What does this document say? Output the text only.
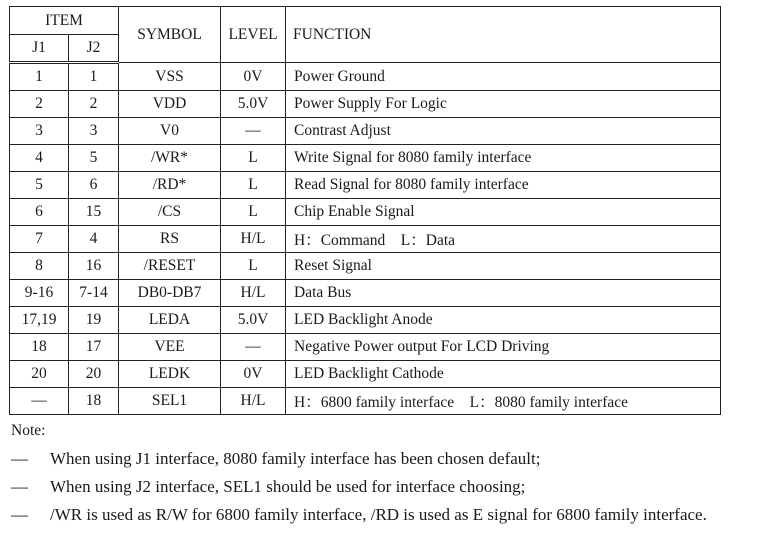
ITEM		SYMBOL	LEVEL	FUNCTION
J1	J2			
1	1	VSS	0V	Power Ground
2	2	VDD	5.0V	Power Supply For Logic
3	3	V0	—	Contrast Adjust
4	5	/WR*	L	Write Signal for 8080 family interface
5	6	/RD*	L	Read Signal for 8080 family interface
6	15	/CS	L	Chip Enable Signal
7	4	RS	H/L	H：Command    L：Data
8	16	/RESET	L	Reset Signal
9-16	7-14	DB0-DB7	H/L	Data Bus
17,19	19	LEDA	5.0V	LED Backlight Anode
18	17	VEE	—	Negative Power output For LCD Driving
20	20	LEDK	0V	LED Backlight Cathode
—	18	SEL1	H/L	H：6800 family interface    L：8080 family interface
Note:
—	When using J1 interface, 8080 family interface has been chosen default;
—	When using J2 interface, SEL1 should be used for interface choosing;
—	/WR is used as R/W for 6800 family interface, /RD is used as E signal for 6800 family interface.
